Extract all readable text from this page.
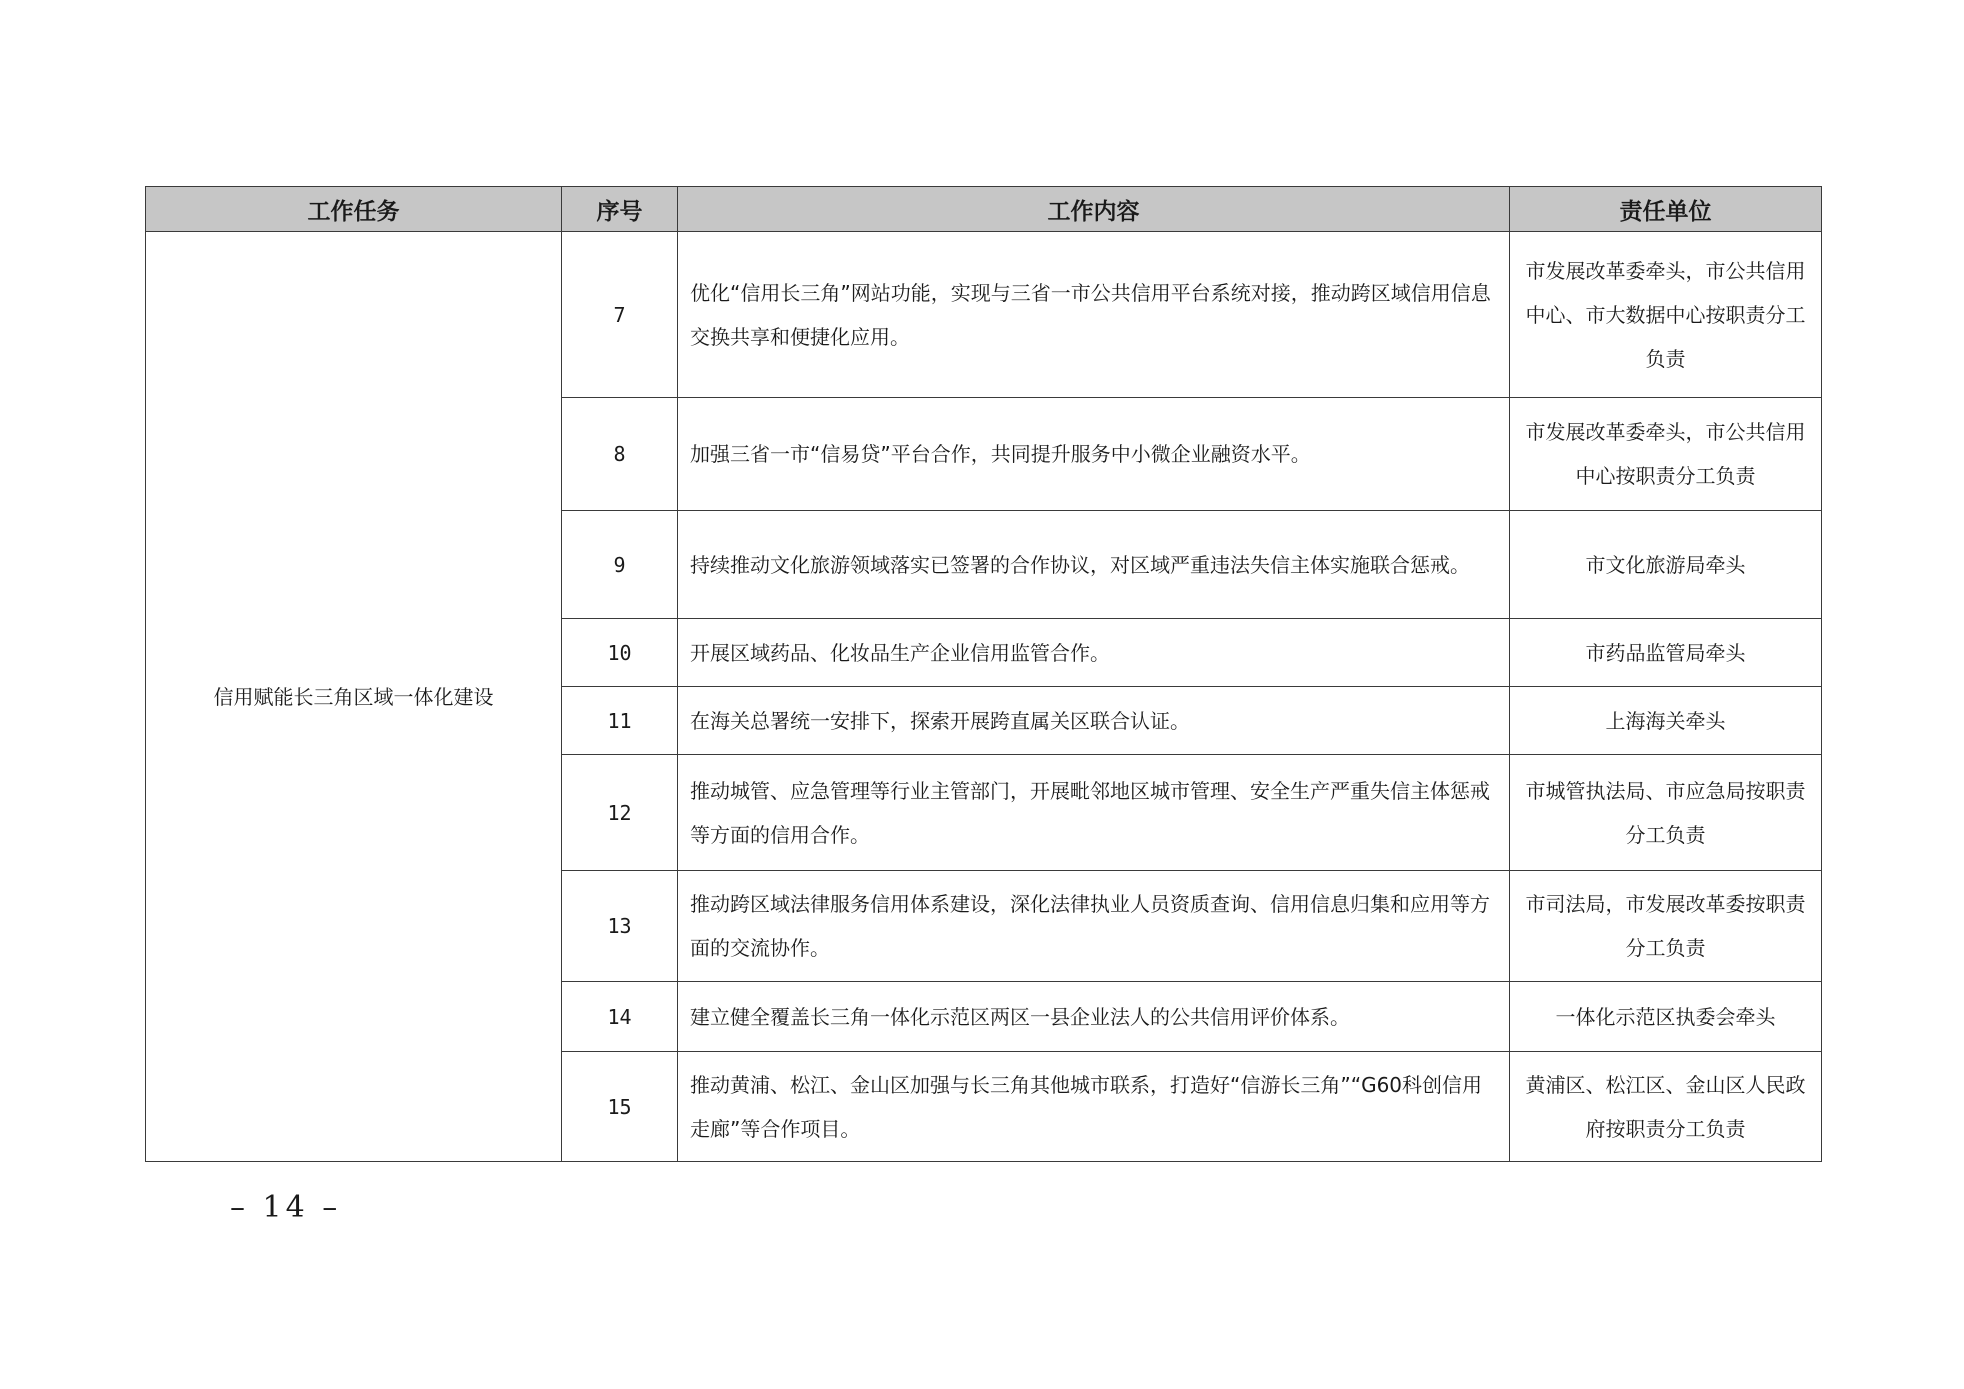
工作任务	序号	工作内容	责任单位
信用赋能长三角区域一体化建设	7	优化“信用长三角”网站功能，实现与三省一市公共信用平台系统对接，推动跨区域信用信息交换共享和便捷化应用。	市发展改革委牵头，市公共信用中心、市大数据中心按职责分工负责
	8	加强三省一市“信易贷”平台合作，共同提升服务中小微企业融资水平。	市发展改革委牵头，市公共信用中心按职责分工负责
	9	持续推动文化旅游领域落实已签署的合作协议，对区域严重违法失信主体实施联合惩戒。	市文化旅游局牵头
	10	开展区域药品、化妆品生产企业信用监管合作。	市药品监管局牵头
	11	在海关总署统一安排下，探索开展跨直属关区联合认证。	上海海关牵头
	12	推动城管、应急管理等行业主管部门，开展毗邻地区城市管理、安全生产严重失信主体惩戒等方面的信用合作。	市城管执法局、市应急局按职责分工负责
	13	推动跨区域法律服务信用体系建设，深化法律执业人员资质查询、信用信息归集和应用等方面的交流协作。	市司法局，市发展改革委按职责分工负责
	14	建立健全覆盖长三角一体化示范区两区一县企业法人的公共信用评价体系。	一体化示范区执委会牵头
	15	推动黄浦、松江、金山区加强与长三角其他城市联系，打造好“信游长三角”“G60科创信用走廊”等合作项目。	黄浦区、松江区、金山区人民政府按职责分工负责
– 14 –
